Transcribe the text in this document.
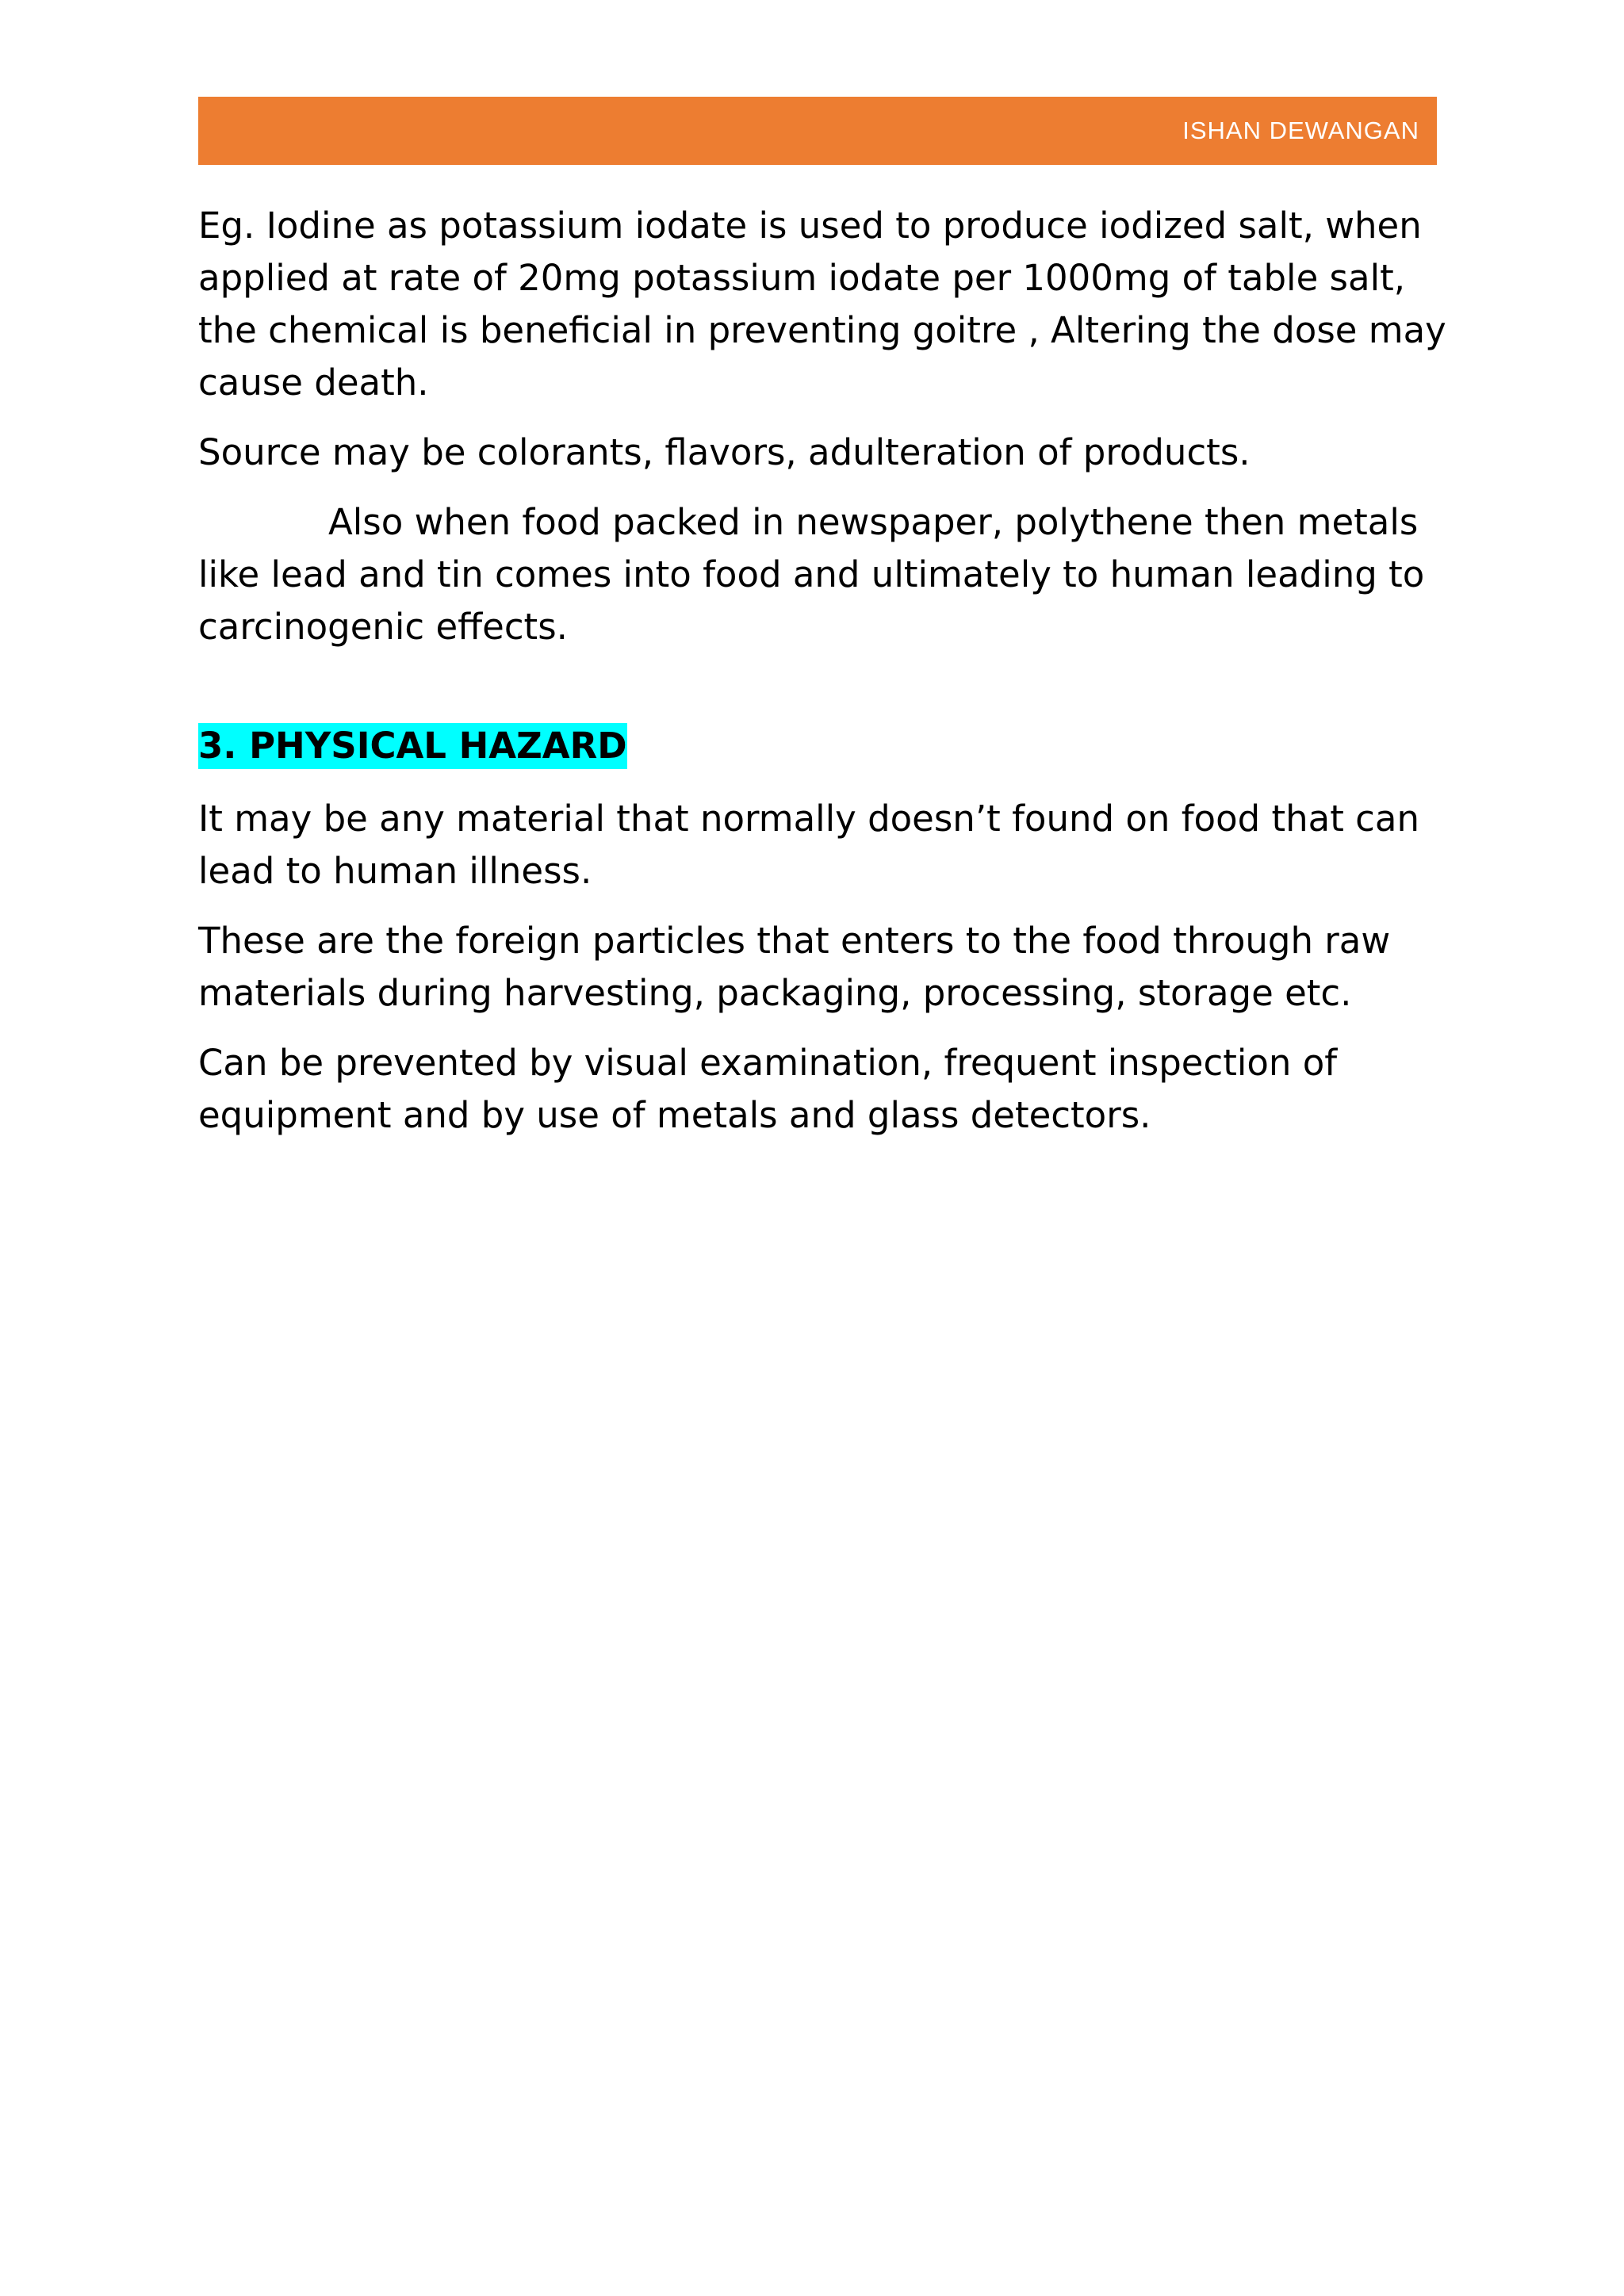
ISHAN DEWANGAN

Eg. Iodine as potassium iodate is used to produce iodized salt, when applied at rate of 20mg potassium iodate per 1000mg of table salt, the chemical is beneficial in preventing goitre , Altering the dose may cause death.

Source may be colorants, flavors, adulteration of products.

Also when food packed in newspaper, polythene then metals like lead and tin comes into food and ultimately to human leading to carcinogenic effects.

3. PHYSICAL HAZARD

It may be any material that normally doesn’t found on food that can lead to human illness.

These are the foreign particles that enters to the food through raw materials during harvesting, packaging, processing, storage etc.

Can be prevented by visual examination, frequent inspection of equipment and by use of metals and glass detectors.
